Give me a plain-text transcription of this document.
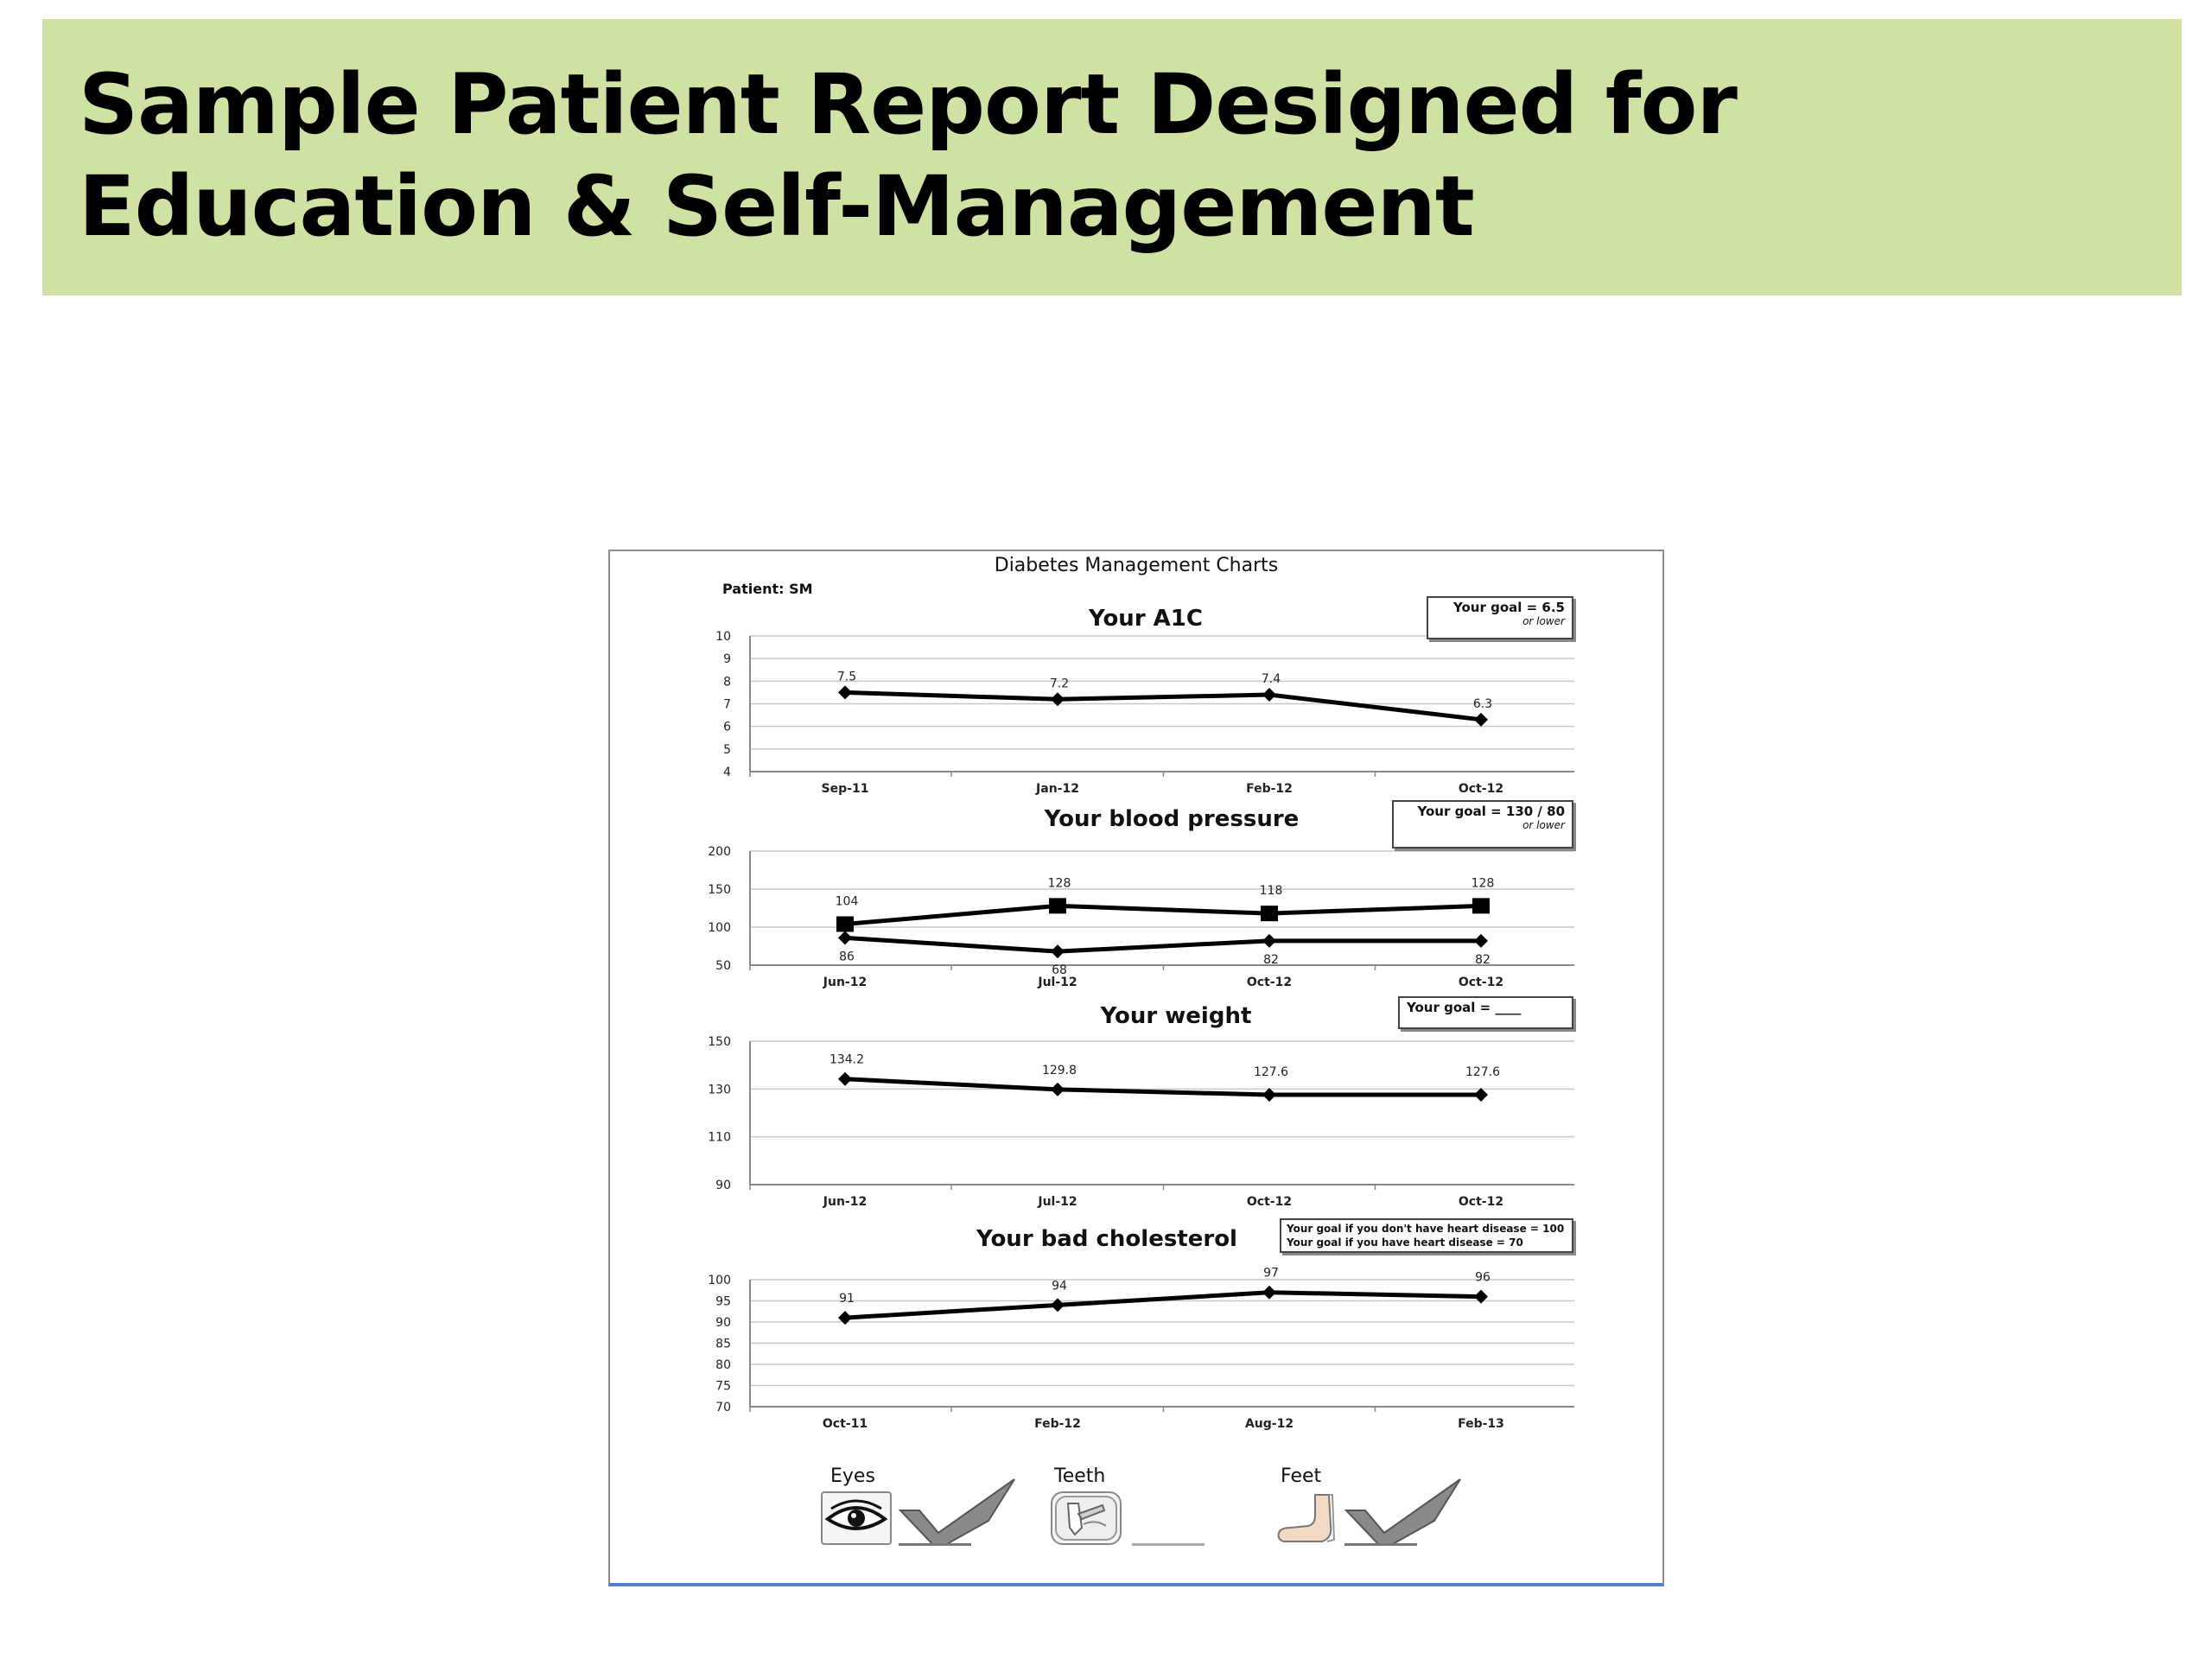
Sample Patient Report Designed for Education & Self-Management
Diabetes Management Charts
Patient: SM
Your A1C
4
5
6
7
8
9
10
Sep-11	Jan-12	Feb-12	Oct-12
7.5	7.2	7.4
6.3
Your blood pressure
50
100
150
200
Jun-12	Jul-12	Oct-12	Oct-12
104
128
118
128
86
68
82	82
Your weight
90
110
130
150
Jun-12	Jul-12	Oct-12	Oct-12
134.2
129.8	127.6	127.6
Your bad cholesterol
70
75
80
85
90
95
100
Oct-11	Feb-12	Aug-12	Feb-13
91
94
97	96
Your goal = 6.5
or lower
Your goal = 130 / 80
or lower
Your goal = ____
Your goal if you don't have heart disease = 100
Your goal if you have heart disease = 70
Eyes	Teeth	Feet
